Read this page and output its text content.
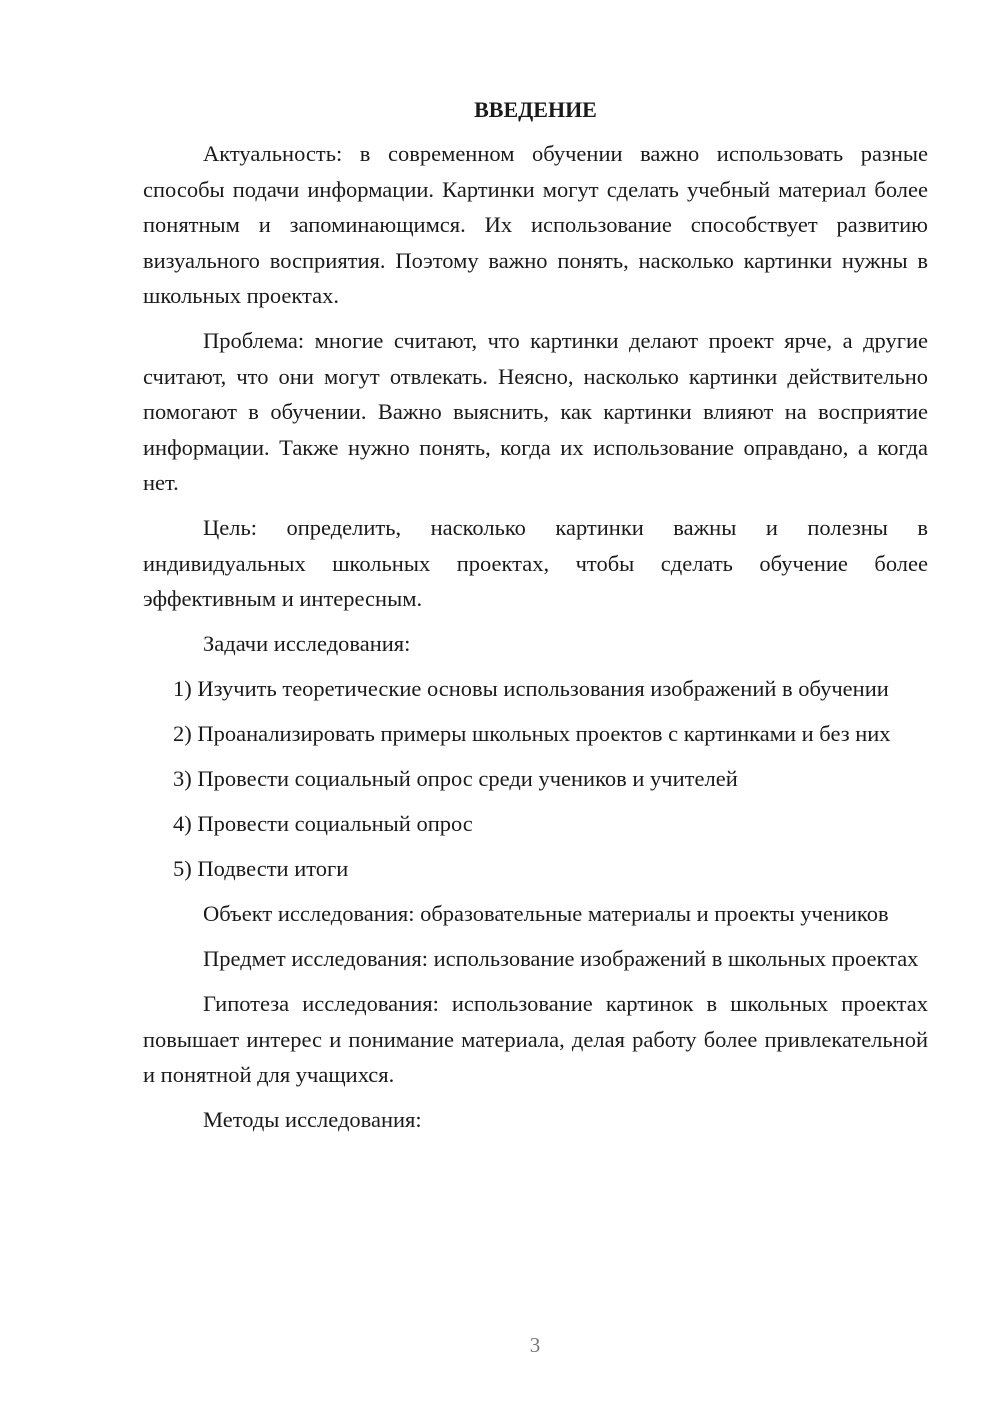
ВВЕДЕНИЕ

Актуальность: в современном обучении важно использовать разные способы подачи информации. Картинки могут сделать учебный материал более понятным и запоминающимся. Их использование способствует развитию визуального восприятия. Поэтому важно понять, насколько картинки нужны в школьных проектах.

Проблема: многие считают, что картинки делают проект ярче, а другие считают, что они могут отвлекать. Неясно, насколько картинки действительно помогают в обучении. Важно выяснить, как картинки влияют на восприятие информации. Также нужно понять, когда их использование оправдано, а когда нет.

Цель: определить, насколько картинки важны и полезны в индивидуальных школьных проектах, чтобы сделать обучение более эффективным и интересным.

Задачи исследования:

1) Изучить теоретические основы использования изображений в обучении

2) Проанализировать примеры школьных проектов с картинками и без них

3) Провести социальный опрос среди учеников и учителей

4) Провести социальный опрос

5) Подвести итоги

Объект исследования: образовательные материалы и проекты учеников

Предмет исследования: использование изображений в школьных проектах

Гипотеза исследования: использование картинок в школьных проектах повышает интерес и понимание материала, делая работу более привлекательной и понятной для учащихся.

Методы исследования:

3
